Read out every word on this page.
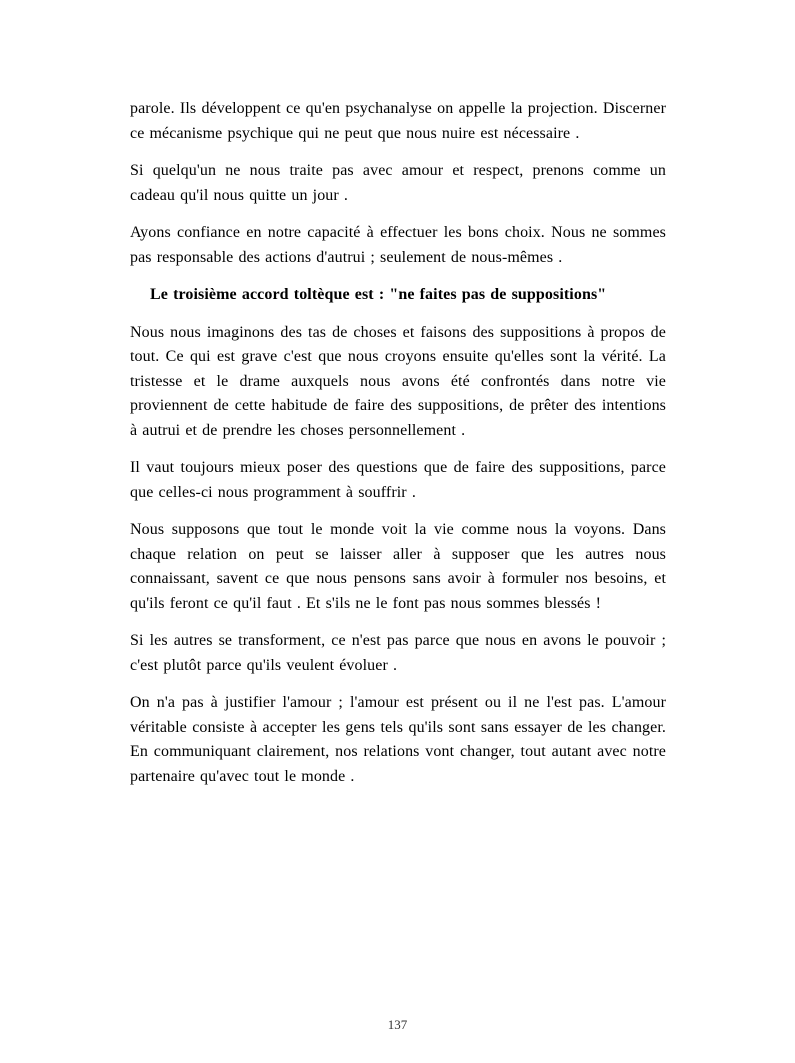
parole. Ils développent ce qu'en psychanalyse on appelle la projection. Discerner ce mécanisme psychique qui ne peut que nous nuire est nécessaire .

Si quelqu'un ne nous traite pas avec amour et respect, prenons comme un cadeau qu'il nous quitte un jour .

Ayons confiance en notre capacité à effectuer les bons choix. Nous ne sommes pas responsable des actions d'autrui ; seulement de nous-mêmes .

Le troisième accord toltèque est : "ne faites pas de suppositions"

Nous nous imaginons des tas de choses et faisons des suppositions à propos de tout. Ce qui est grave c'est que nous croyons ensuite qu'elles sont la vérité. La tristesse et le drame auxquels nous avons été confrontés dans notre vie proviennent de cette habitude de faire des suppositions, de prêter des intentions à autrui et de prendre les choses personnellement .

Il vaut toujours mieux poser des questions que de faire des suppositions, parce que celles-ci nous programment à souffrir .

Nous supposons que tout le monde voit la vie comme nous la voyons. Dans chaque relation on peut se laisser aller à supposer que les autres nous connaissant, savent ce que nous pensons sans avoir à formuler nos besoins, et qu'ils feront ce qu'il faut . Et s'ils ne le font pas nous sommes blessés !

Si les autres se transforment, ce n'est pas parce que nous en avons le pouvoir ; c'est plutôt parce qu'ils veulent évoluer .

On n'a pas à justifier l'amour ; l'amour est présent ou il ne l'est pas. L'amour véritable consiste à accepter les gens tels qu'ils sont sans essayer de les changer. En communiquant clairement, nos relations vont changer, tout autant avec notre partenaire qu'avec tout le monde .

137
